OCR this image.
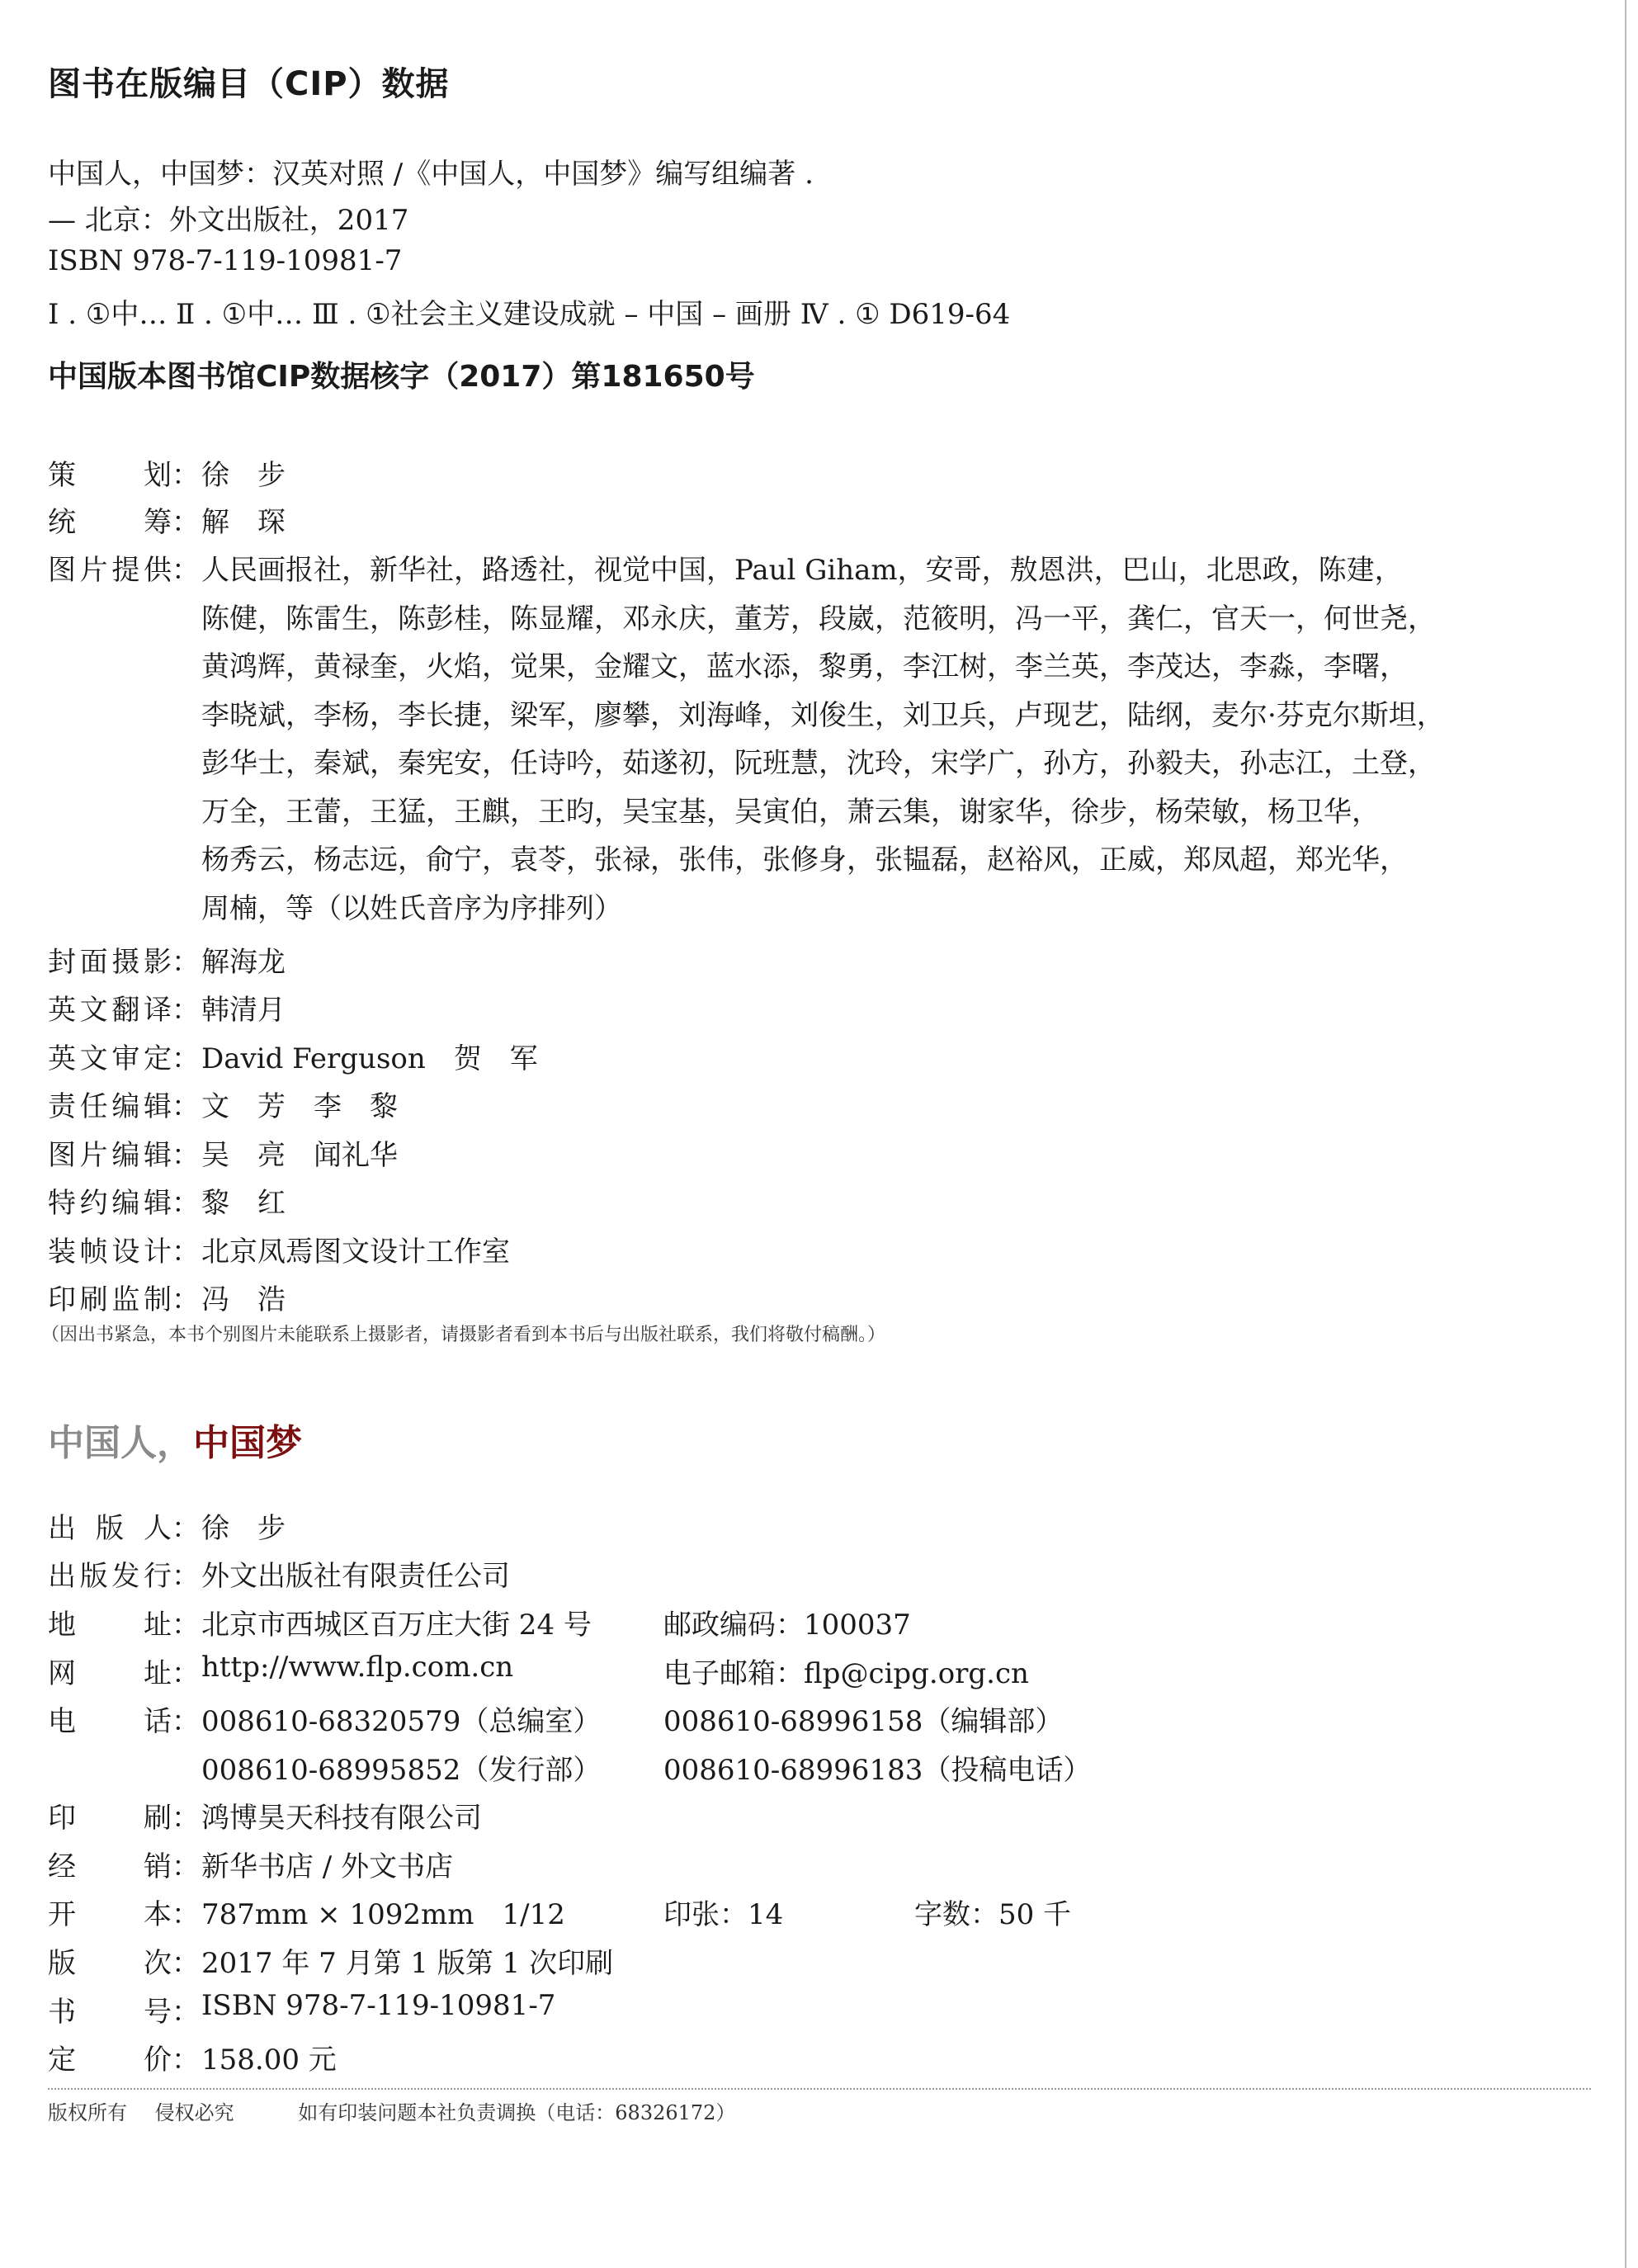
图书在版编目（CIP）数据
中国人，中国梦：汉英对照 /《中国人，中国梦》编写组编著 .
— 北京：外文出版社，2017
ISBN 978-7-119-10981-7
Ⅰ . ①中… Ⅱ . ①中… Ⅲ . ①社会主义建设成就 – 中国 – 画册 Ⅳ . ① D619-64
中国版本图书馆CIP数据核字（2017）第181650号
策划 ： 徐　步
统筹 ： 解　琛
图片提供 ： 人民画报社，新华社，路透社，视觉中国，Paul Giham，安哥，敖恩洪，巴山，北思政，陈建，
陈健，陈雷生，陈彭桂，陈显耀，邓永庆，董芳，段崴，范筱明，冯一平，龚仁，官天一，何世尧，
黄鸿辉，黄禄奎，火焰，觉果，金耀文，蓝水添，黎勇，李江树，李兰英，李茂达，李淼，李曙，
李晓斌，李杨，李长捷，梁军，廖攀，刘海峰，刘俊生，刘卫兵，卢现艺，陆纲，麦尔·芬克尔斯坦，
彭华士，秦斌，秦宪安，任诗吟，茹遂初，阮班慧，沈玲，宋学广，孙方，孙毅夫，孙志江，土登，
万全，王蕾，王猛，王麒，王昀，吴宝基，吴寅伯，萧云集，谢家华，徐步，杨荣敏，杨卫华，
杨秀云，杨志远，俞宁，袁苓，张禄，张伟，张修身，张韫磊，赵裕风，正威，郑凤超，郑光华，
周楠，等（以姓氏音序为序排列）
封面摄影 ： 解海龙
英文翻译 ： 韩清月
英文审定 ： David Ferguson　贺　军
责任编辑 ： 文　芳　李　黎
图片编辑 ： 吴　亮　闻礼华
特约编辑 ： 黎　红
装帧设计 ： 北京凤焉图文设计工作室
印刷监制 ： 冯　浩
（因出书紧急，本书个别图片未能联系上摄影者，请摄影者看到本书后与出版社联系，我们将敬付稿酬。）
中国人，中国梦
出版人 ： 徐　步
出版发行 ： 外文出版社有限责任公司
地址 ： 北京市西城区百万庄大街 24 号	邮政编码：100037
网址 ： http://www.flp.com.cn	电子邮箱：flp@cipg.org.cn
电话 ： 008610-68320579（总编室） 008610-68996158（编辑部）
008610-68995852（发行部） 008610-68996183（投稿电话）
印刷 ： 鸿博昊天科技有限公司
经销 ： 新华书店 / 外文书店
开本 ： 787mm × 1092mm　1/12	印张：14	字数：50 千
版次 ： 2017 年 7 月第 1 版第 1 次印刷
书号 ： ISBN 978-7-119-10981-7
定价 ： 158.00 元
版权所有 侵权必究	如有印装问题本社负责调换（电话：68326172）
